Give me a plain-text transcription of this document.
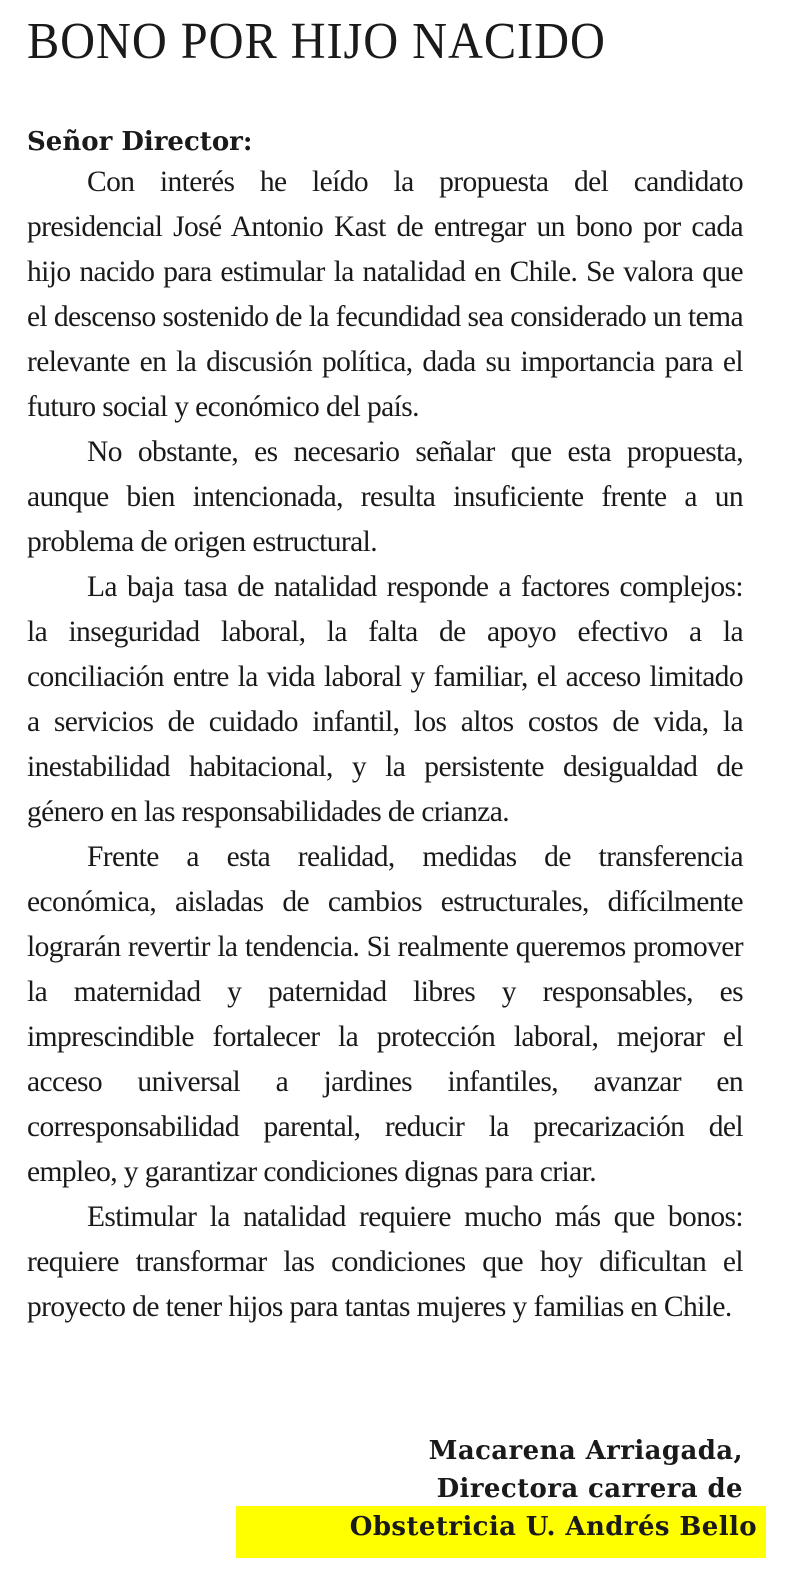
BONO POR HIJO NACIDO
Señor Director:

Con interés he leído la propuesta del candidato presidencial José Antonio Kast de entregar un bono por cada hijo nacido para estimular la natalidad en Chile. Se valora que el descenso sostenido de la fecundidad sea considerado un tema relevante en la discusión política, dada su importancia para el futuro social y económico del país.

No obstante, es necesario señalar que esta propuesta, aunque bien intencionada, resulta insuficiente frente a un problema de origen estructural.

La baja tasa de natalidad responde a factores complejos: la inseguridad laboral, la falta de apoyo efectivo a la conciliación entre la vida laboral y familiar, el acceso limitado a servicios de cuidado infantil, los altos costos de vida, la inestabilidad habitacional, y la persistente desigualdad de género en las responsabilidades de crianza.

Frente a esta realidad, medidas de transferencia económica, aisladas de cambios estructurales, difícilmente lograrán revertir la tendencia. Si realmente queremos promover la maternidad y paternidad libres y responsables, es imprescindible fortalecer la protección laboral, mejorar el acceso universal a jardines infantiles, avanzar en corresponsabilidad parental, reducir la precarización del empleo, y garantizar condiciones dignas para criar.

Estimular la natalidad requiere mucho más que bonos: requiere transformar las condiciones que hoy dificultan el proyecto de tener hijos para tantas mujeres y familias en Chile.

Macarena Arriagada,
Directora carrera de
Obstetricia U. Andrés Bello
